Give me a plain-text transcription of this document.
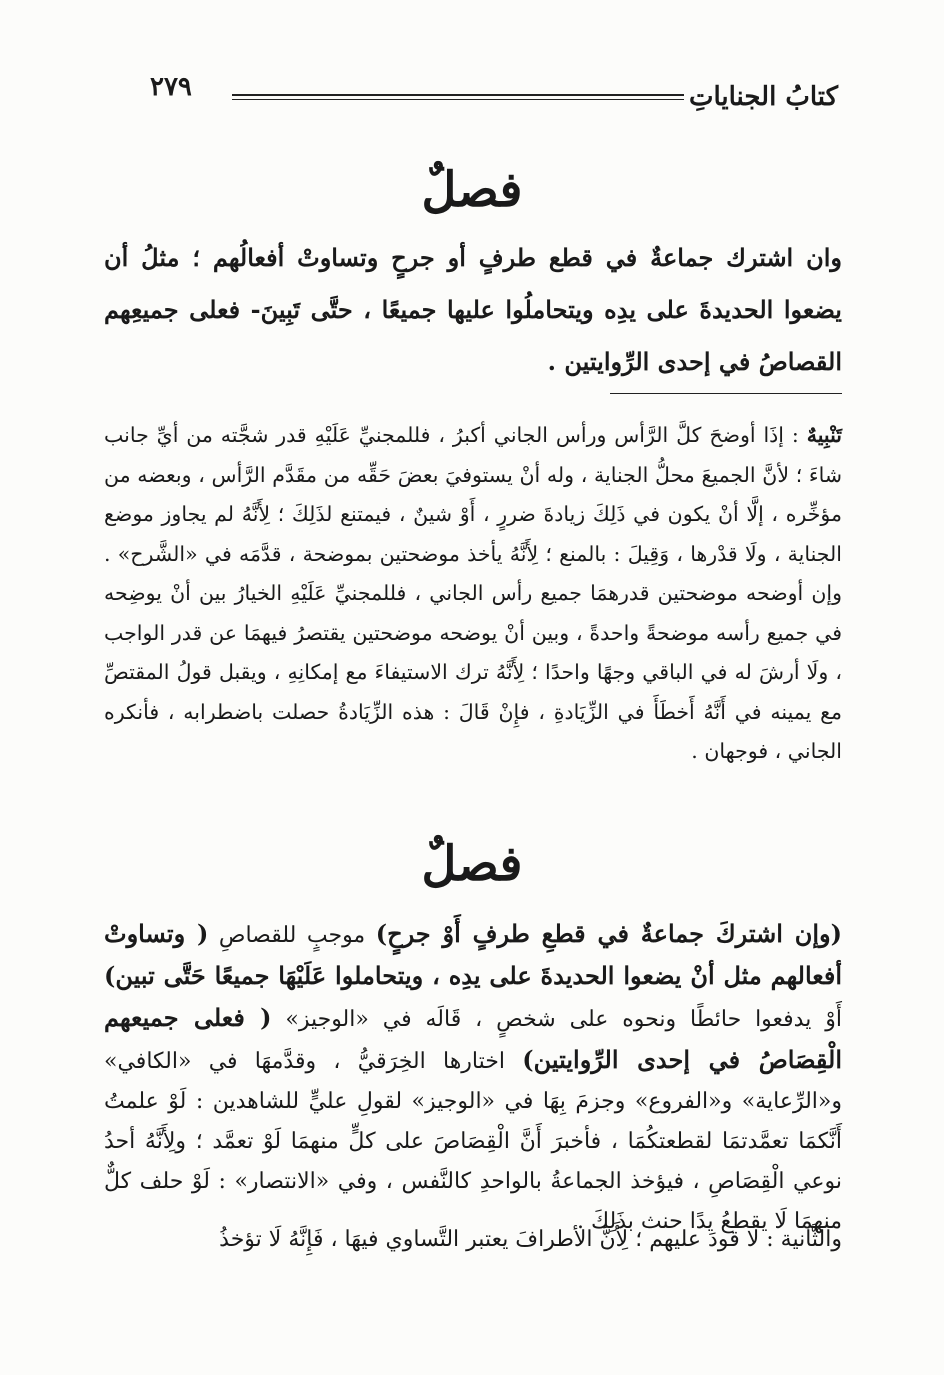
كتابُ الجناياتِ
٢٧٩
فصلٌ
وان اشترك جماعةٌ في قطع طرفٍ أو جرحٍ وتساوتْ أفعالُهم ؛ مثلُ أن يضعوا الحديدةَ على يدِه ويتحاملُوا عليها جميعًا ، حتَّى تَبِينَ- فعلى جميعِهم القصاصُ في إحدى الرِّوايتين .
تَنْبِيهٌ : إذَا أوضحَ كلَّ الرَّأس ورأس الجاني أكبرُ ، فللمجنيِّ عَلَيْهِ قدر شجَّته من أيِّ جانب شاءَ ؛ لأنَّ الجميعَ محلُّ الجناية ، وله أنْ يستوفيَ بعضَ حَقِّه من مقَدَّم الرَّأس ، وبعضه من مؤخِّره ، إلَّا أنْ يكون في ذَلِكَ زيادةَ ضررٍ ، أَوْ شينٌ ، فيمتنع لذَلِكَ ؛ لِأَنَّهُ لم يجاوز موضع الجناية ، ولَا قدْرها ، وَقِيلَ : بالمنع ؛ لِأَنَّهُ يأخذ موضحتين بموضحة ، قدَّمَه في «الشَّرح» . وإن أوضحه موضحتين قدرهمَا جميع رأس الجاني ، فللمجنيِّ عَلَيْهِ الخيارُ بين أنْ يوضِحه في جميع رأسه موضحةً واحدةً ، وبين أنْ يوضحه موضحتين يقتصرُ فيهمَا عن قدر الواجب ، ولَا أرشَ له في الباقي وجهًا واحدًا ؛ لِأَنَّهُ ترك الاستيفاءَ مع إمكانِهِ ، ويقبل قولُ المقتصِّ مع يمينه في أَنَّهُ أَخطَأَ في الزِّيَادةِ ، فإِنْ قَالَ : هذه الزِّيَادةُ حصلت باضطرابه ، فأنكره الجاني ، فوجهان .
فصلٌ
(وإن اشتركَ جماعةٌ في قطعِ طرفٍ أَوْ جرحٍ) موجبٍ للقصاصِ ( وتساوتْ أفعالهم مثل أنْ يضعوا الحديدةَ على يدِه ، ويتحاملوا عَلَيْهَا جميعًا حَتَّى تبين) أَوْ يدفعوا حائطًا ونحوه على شخصٍ ، قَالَه في «الوجيز» ( فعلى جميعهم الْقِصَاصُ في إحدى الرِّوايتين) اختارها الخِرَقيُّ ، وقدَّمهَا في «الكافي» و«الرِّعاية» و«الفروع» وجزمَ بِهَا في «الوجيز» لقولِ عليٍّ للشاهدين : لَوْ علمتُ أَنَّكمَا تعمَّدتمَا لقطعتكُمَا ، فأخبرَ أَنَّ الْقِصَاصَ على كلٍّ منهمَا لَوْ تعمَّد ؛ ولِأَنَّهُ أحدُ نوعي الْقِصَاصِ ، فيؤخذ الجماعةُ بالواحدِ كالنَّفس ، وفي «الانتصار» : لَوْ حلف كلٌّ منهمَا لَا يقطعُ يدًا حنث بذَلِكَ .
والثَّانية : لَا قودَ عليهم ؛ لِأَنَّ الأطرافَ يعتبر التَّساوي فيهَا ، فَإِنَّهُ لَا تؤخذُ
